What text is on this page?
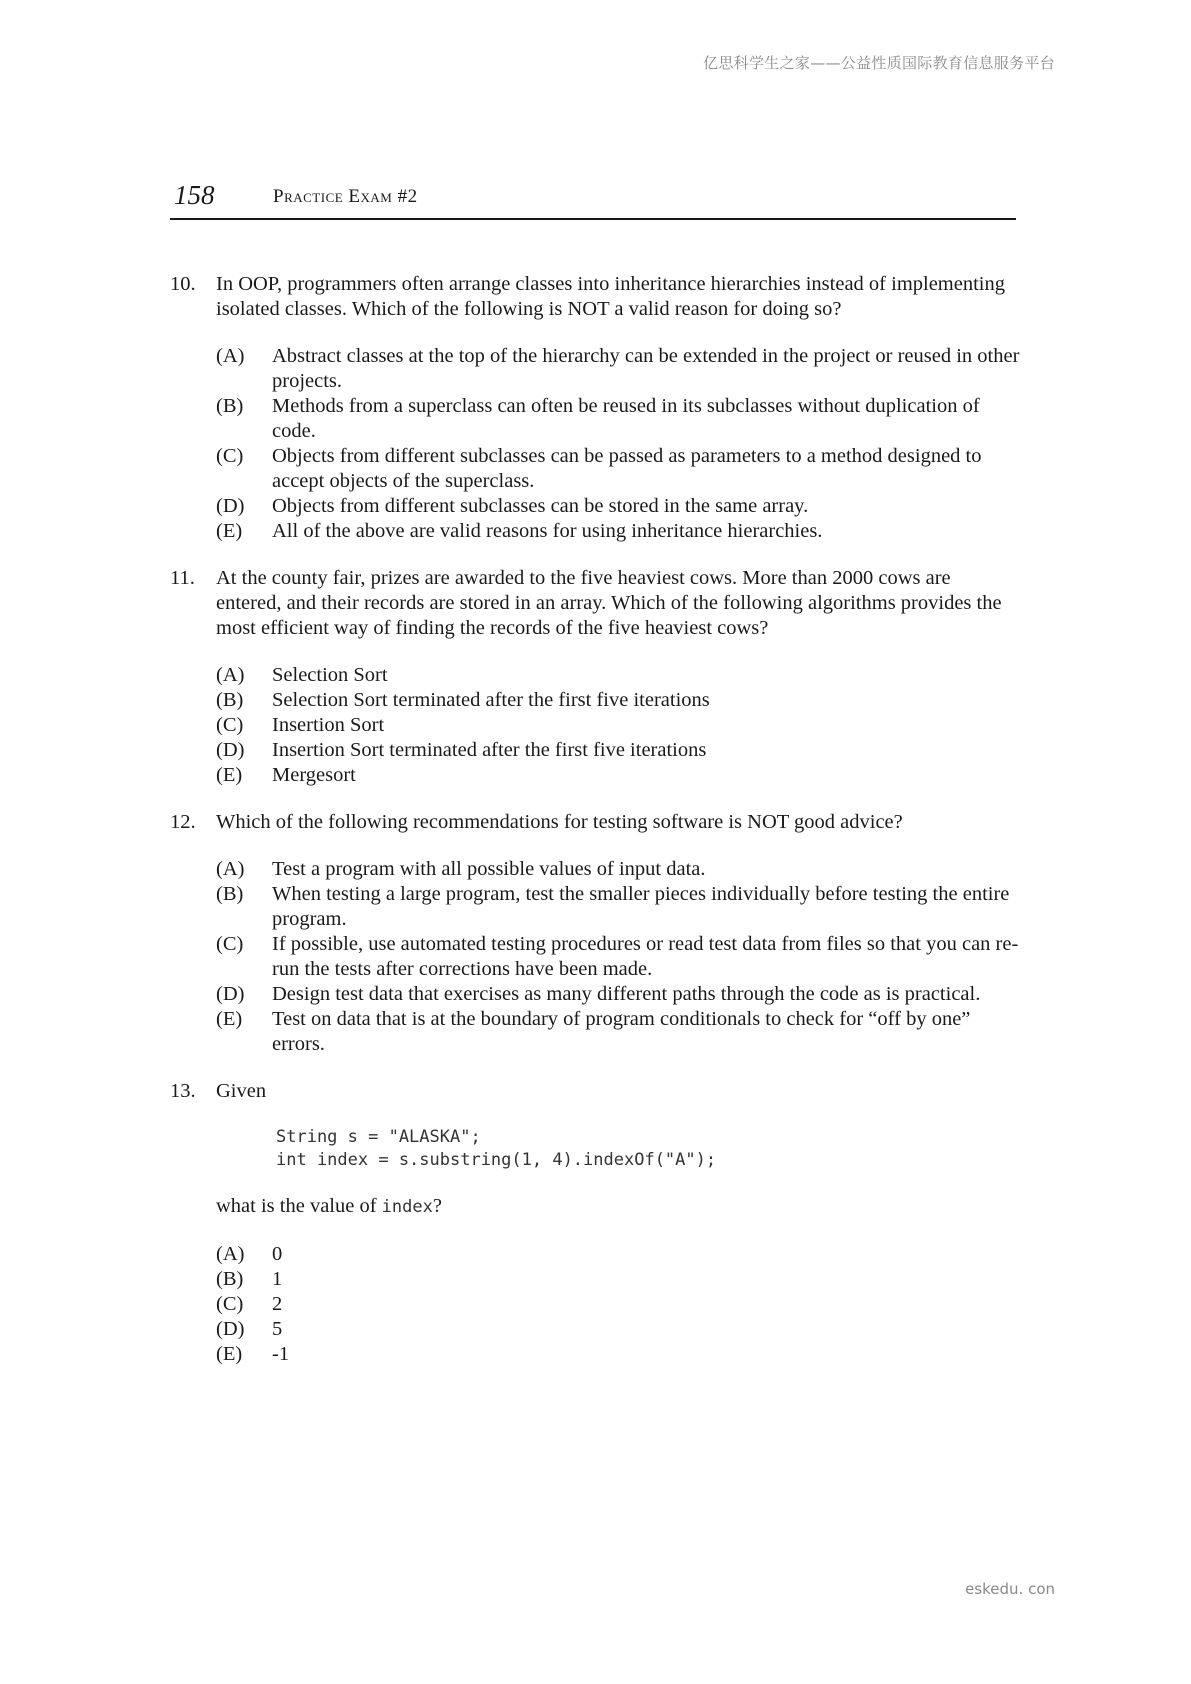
亿思科学生之家——公益性质国际教育信息服务平台
158	Practice Exam #2
10. In OOP, programmers often arrange classes into inheritance hierarchies instead of implementing isolated classes. Which of the following is NOT a valid reason for doing so?

(A) Abstract classes at the top of the hierarchy can be extended in the project or reused in other projects.
(B) Methods from a superclass can often be reused in its subclasses without duplication of code.
(C) Objects from different subclasses can be passed as parameters to a method designed to accept objects of the superclass.
(D) Objects from different subclasses can be stored in the same array.
(E) All of the above are valid reasons for using inheritance hierarchies.
11. At the county fair, prizes are awarded to the five heaviest cows. More than 2000 cows are entered, and their records are stored in an array. Which of the following algorithms provides the most efficient way of finding the records of the five heaviest cows?

(A) Selection Sort
(B) Selection Sort terminated after the first five iterations
(C) Insertion Sort
(D) Insertion Sort terminated after the first five iterations
(E) Mergesort
12. Which of the following recommendations for testing software is NOT good advice?

(A) Test a program with all possible values of input data.
(B) When testing a large program, test the smaller pieces individually before testing the entire program.
(C) If possible, use automated testing procedures or read test data from files so that you can re-run the tests after corrections have been made.
(D) Design test data that exercises as many different paths through the code as is practical.
(E) Test on data that is at the boundary of program conditionals to check for “off by one” errors.
13. Given

String s = "ALASKA";
int index = s.substring(1, 4).indexOf("A");

what is the value of index?

(A) 0
(B) 1
(C) 2
(D) 5
(E) -1
eskedu. con
